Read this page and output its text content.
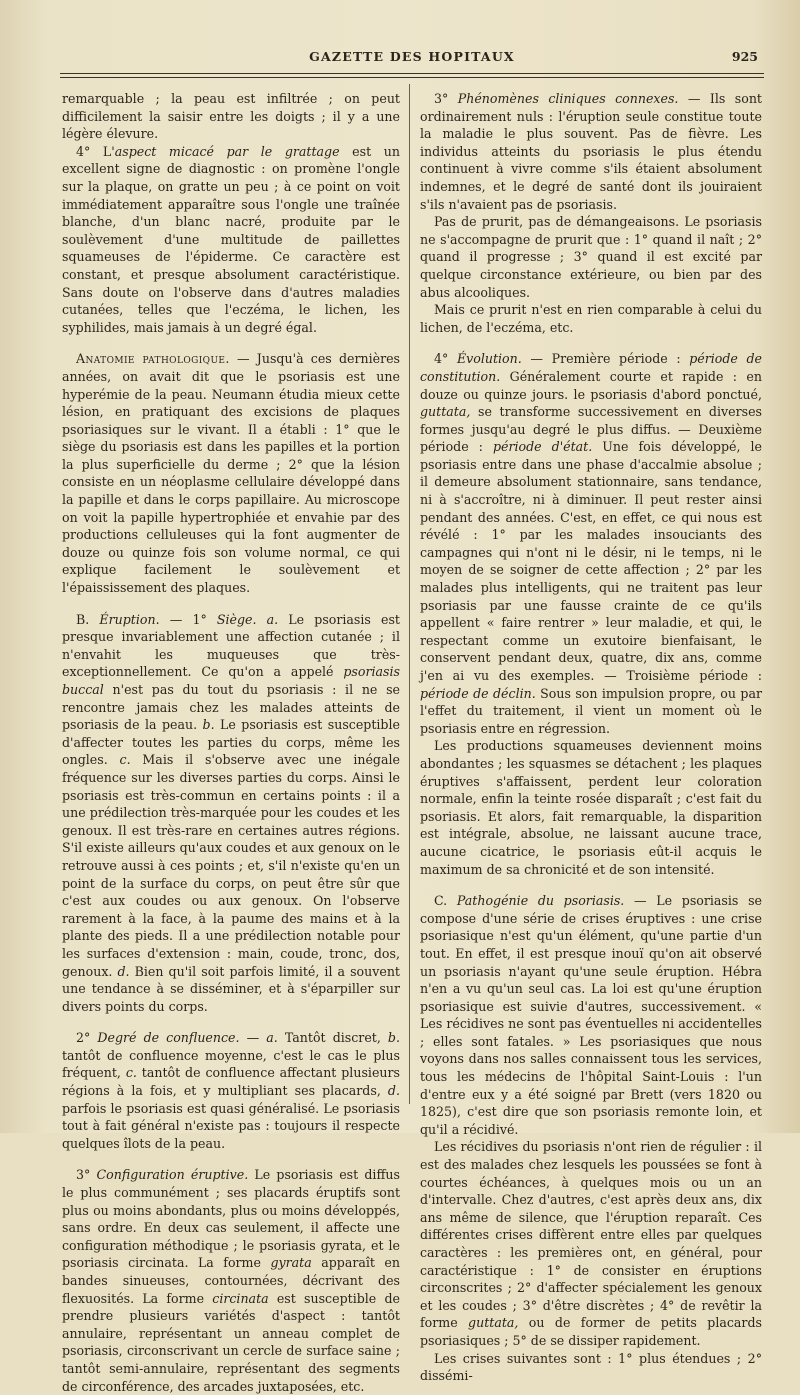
GAZETTE DES HOPITAUX	925

remarquable ; la peau est infiltrée ; on peut difficilement la saisir entre les doigts ; il y a une légère élevure.

4° L'aspect micacé par le grattage est un excellent signe de diagnostic : on promène l'ongle sur la plaque, on gratte un peu ; à ce point on voit immédiatement apparaître sous l'ongle une traînée blanche, d'un blanc nacré, produite par le soulèvement d'une multitude de paillettes squameuses de l'épiderme. Ce caractère est constant, et presque absolument caractéristique. Sans doute on l'observe dans d'autres maladies cutanées, telles que l'eczéma, le lichen, les syphilides, mais jamais à un degré égal.

Anatomie pathologique. — Jusqu'à ces dernières années, on avait dit que le psoriasis est une hyperémie de la peau. Neumann étudia mieux cette lésion, en pratiquant des excisions de plaques psoriasiques sur le vivant. Il a établi : 1° que le siège du psoriasis est dans les papilles et la portion la plus superficielle du derme ; 2° que la lésion consiste en un néoplasme cellulaire développé dans la papille et dans le corps papillaire. Au microscope on voit la papille hypertrophiée et envahie par des productions celluleuses qui la font augmenter de douze ou quinze fois son volume normal, ce qui explique facilement le soulèvement et l'épaississement des plaques.

B. Éruption. — 1° Siège. a. Le psoriasis est presque invariablement une affection cutanée ; il n'envahit les muqueuses que très-exceptionnellement. Ce qu'on a appelé psoriasis buccal n'est pas du tout du psoriasis : il ne se rencontre jamais chez les malades atteints de psoriasis de la peau. b. Le psoriasis est susceptible d'affecter toutes les parties du corps, même les ongles. c. Mais il s'observe avec une inégale fréquence sur les diverses parties du corps. Ainsi le psoriasis est très-commun en certains points : il a une prédilection très-marquée pour les coudes et les genoux. Il est très-rare en certaines autres régions. S'il existe ailleurs qu'aux coudes et aux genoux on le retrouve aussi à ces points ; et, s'il n'existe qu'en un point de la surface du corps, on peut être sûr que c'est aux coudes ou aux genoux. On l'observe rarement à la face, à la paume des mains et à la plante des pieds. Il a une prédilection notable pour les surfaces d'extension : main, coude, tronc, dos, genoux. d. Bien qu'il soit parfois limité, il a souvent une tendance à se disséminer, et à s'éparpiller sur divers points du corps.

2° Degré de confluence. — a. Tantôt discret, b. tantôt de confluence moyenne, c'est le cas le plus fréquent, c. tantôt de confluence affectant plusieurs régions à la fois, et y multipliant ses placards, d. parfois le psoriasis est quasi généralisé. Le psoriasis tout à fait général n'existe pas : toujours il respecte quelques îlots de la peau.

3° Configuration éruptive. Le psoriasis est diffus le plus communément ; ses placards éruptifs sont plus ou moins abondants, plus ou moins développés, sans ordre. En deux cas seulement, il affecte une configuration méthodique ; le psoriasis gyrata, et le psoriasis circinata. La forme gyrata apparaît en bandes sinueuses, contournées, décrivant des flexuosités. La forme circinata est susceptible de prendre plusieurs variétés d'aspect : tantôt annulaire, représentant un anneau complet de psoriasis, circonscrivant un cercle de surface saine ; tantôt semi-annulaire, représentant des segments de circonférence, des arcades juxtaposées, etc.

3° Phénomènes cliniques connexes. — Ils sont ordinairement nuls : l'éruption seule constitue toute la maladie le plus souvent. Pas de fièvre. Les individus atteints du psoriasis le plus étendu continuent à vivre comme s'ils étaient absolument indemnes, et le degré de santé dont ils jouiraient s'ils n'avaient pas de psoriasis.

Pas de prurit, pas de démangeaisons. Le psoriasis ne s'accompagne de prurit que : 1° quand il naît ; 2° quand il progresse ; 3° quand il est excité par quelque circonstance extérieure, ou bien par des abus alcooliques.

Mais ce prurit n'est en rien comparable à celui du lichen, de l'eczéma, etc.

4° Évolution. — Première période : période de constitution. Généralement courte et rapide : en douze ou quinze jours. le psoriasis d'abord ponctué, guttata, se transforme successivement en diverses formes jusqu'au degré le plus diffus. — Deuxième période : période d'état. Une fois développé, le psoriasis entre dans une phase d'accalmie absolue ; il demeure absolument stationnaire, sans tendance, ni à s'accroître, ni à diminuer. Il peut rester ainsi pendant des années. C'est, en effet, ce qui nous est révélé : 1° par les malades insouciants des campagnes qui n'ont ni le désir, ni le temps, ni le moyen de se soigner de cette affection ; 2° par les malades plus intelligents, qui ne traitent pas leur psoriasis par une fausse crainte de ce qu'ils appellent « faire rentrer » leur maladie, et qui, le respectant comme un exutoire bienfaisant, le conservent pendant deux, quatre, dix ans, comme j'en ai vu des exemples. — Troisième période : période de déclin. Sous son impulsion propre, ou par l'effet du traitement, il vient un moment où le psoriasis entre en régression.

Les productions squameuses deviennent moins abondantes ; les squasmes se détachent ; les plaques éruptives s'affaissent, perdent leur coloration normale, enfin la teinte rosée disparaît ; c'est fait du psoriasis. Et alors, fait remarquable, la disparition est intégrale, absolue, ne laissant aucune trace, aucune cicatrice, le psoriasis eût-il acquis le maximum de sa chronicité et de son intensité.

C. Pathogénie du psoriasis. — Le psoriasis se compose d'une série de crises éruptives : une crise psoriasique n'est qu'un élément, qu'une partie d'un tout. En effet, il est presque inouï qu'on ait observé un psoriasis n'ayant qu'une seule éruption. Hébra n'en a vu qu'un seul cas. La loi est qu'une éruption psoriasique est suivie d'autres, successivement. « Les récidives ne sont pas éventuelles ni accidentelles ; elles sont fatales. » Les psoriasiques que nous voyons dans nos salles connaissent tous les services, tous les médecins de l'hôpital Saint-Louis : l'un d'entre eux y a été soigné par Brett (vers 1820 ou 1825), c'est dire que son psoriasis remonte loin, et qu'il a récidivé.

Les récidives du psoriasis n'ont rien de régulier : il est des malades chez lesquels les poussées se font à courtes échéances, à quelques mois ou un an d'intervalle. Chez d'autres, c'est après deux ans, dix ans même de silence, que l'éruption reparaît. Ces différentes crises diffèrent entre elles par quelques caractères : les premières ont, en général, pour caractéristique : 1° de consister en éruptions circonscrites ; 2° d'affecter spécialement les genoux et les coudes ; 3° d'être discrètes ; 4° de revêtir la forme guttata, ou de former de petits placards psoriasiques ; 5° de se dissiper rapidement.

Les crises suivantes sont : 1° plus étendues ; 2° dissémi-
